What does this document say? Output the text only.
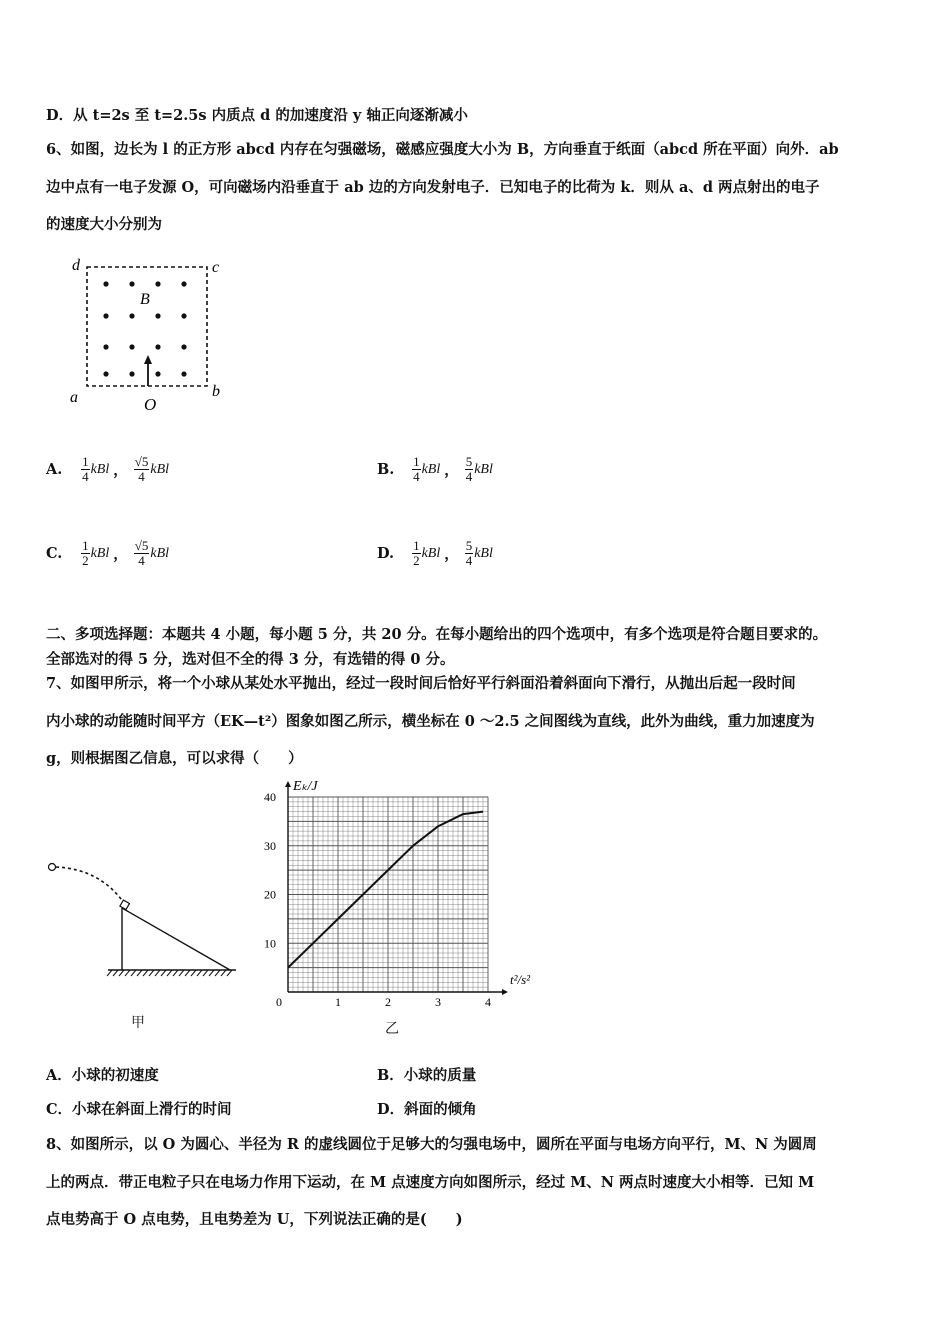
D．从 t=2s 至 t=2.5s 内质点 d 的加速度沿 y 轴正向逐渐减小
6、如图，边长为 l 的正方形 abcd 内存在匀强磁场，磁感应强度大小为 B，方向垂直于纸面（abcd 所在平面）向外．ab
边中点有一电子发源 O，可向磁场内沿垂直于 ab 边的方向发射电子．已知电子的比荷为 k．则从 a、d 两点射出的电子
的速度大小分别为
d	c
B
a	b
O
A. $\frac{1}{4}$ kBl ， $\frac{√5}{4}$ kBl	B. $\frac{1}{4}$ kBl ， $\frac{5}{4}$ kBl
C. $\frac{1}{2}$ kBl ， $\frac{√5}{4}$ kBl	D. $\frac{1}{2}$ kBl ， $\frac{5}{4}$ kBl
二、多项选择题：本题共 4 小题，每小题 5 分，共 20 分。在每小题给出的四个选项中，有多个选项是符合题目要求的。
全部选对的得 5 分，选对但不全的得 3 分，有选错的得 0 分。
7、如图甲所示，将一个小球从某处水平抛出，经过一段时间后恰好平行斜面沿着斜面向下滑行，从抛出后起一段时间
内小球的动能随时间平方（EK—t²）图象如图乙所示，横坐标在 0 ～2.5 之间图线为直线，此外为曲线，重力加速度为
g，则根据图乙信息，可以求得（　　）
甲
0	1	2	3	4
10
20
30
40
Eₖ/J
t²/s²
乙
A．小球的初速度	B．小球的质量
C．小球在斜面上滑行的时间	D．斜面的倾角
8、如图所示，以 O 为圆心、半径为 R 的虚线圆位于足够大的匀强电场中，圆所在平面与电场方向平行，M、N 为圆周
上的两点．带正电粒子只在电场力作用下运动，在 M 点速度方向如图所示，经过 M、N 两点时速度大小相等．已知 M
点电势高于 O 点电势，且电势差为 U，下列说法正确的是(　　)
